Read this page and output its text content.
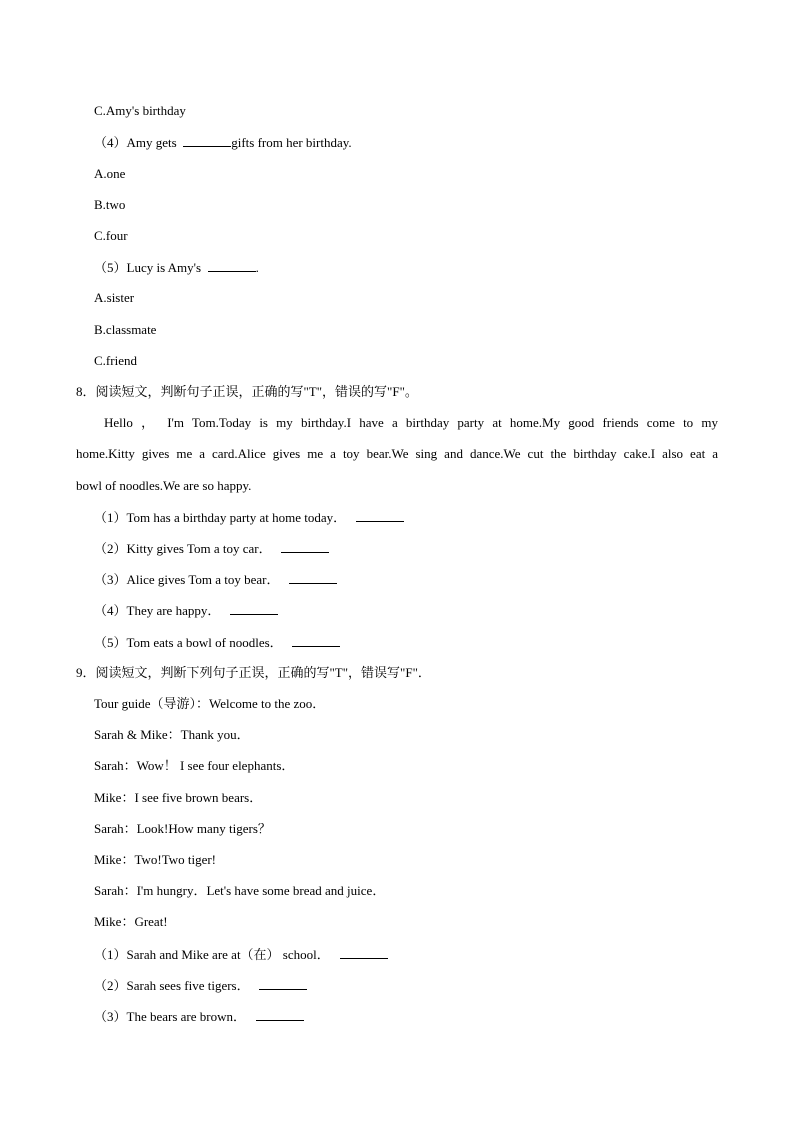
C.Amy's birthday
（4）Amy gets	gifts from her birthday.
A.one
B.two
C.four
（5）Lucy is Amy's	.
A.sister
B.classmate
C.friend
8．阅读短文，判断句子正误，正确的写"T"，错误的写"F"。
Hello ， I'm Tom.Today is my birthday.I have a birthday party at home.My good friends come to my
home.Kitty gives me a card.Alice gives me a toy bear.We sing and dance.We cut the birthday cake.I also eat a
bowl of noodles.We are so happy.
（1）Tom has a birthday party at home today．
（2）Kitty gives Tom a toy car．
（3）Alice gives Tom a toy bear．
（4）They are happy．
（5）Tom eats a bowl of noodles．
9．阅读短文，判断下列句子正误，正确的写"T"，错误写"F"．
Tour guide（导游）：Welcome to the zoo．
Sarah & Mike：Thank you．
Sarah：Wow！ I see four elephants．
Mike：I see five brown bears．
Sarah：Look!How many tigers？
Mike：Two!Two tiger!
Sarah：I'm hungry．Let's have some bread and juice．
Mike：Great!
（1）Sarah and Mike are at（在） school．
（2）Sarah sees five tigers．
（3）The bears are brown．
